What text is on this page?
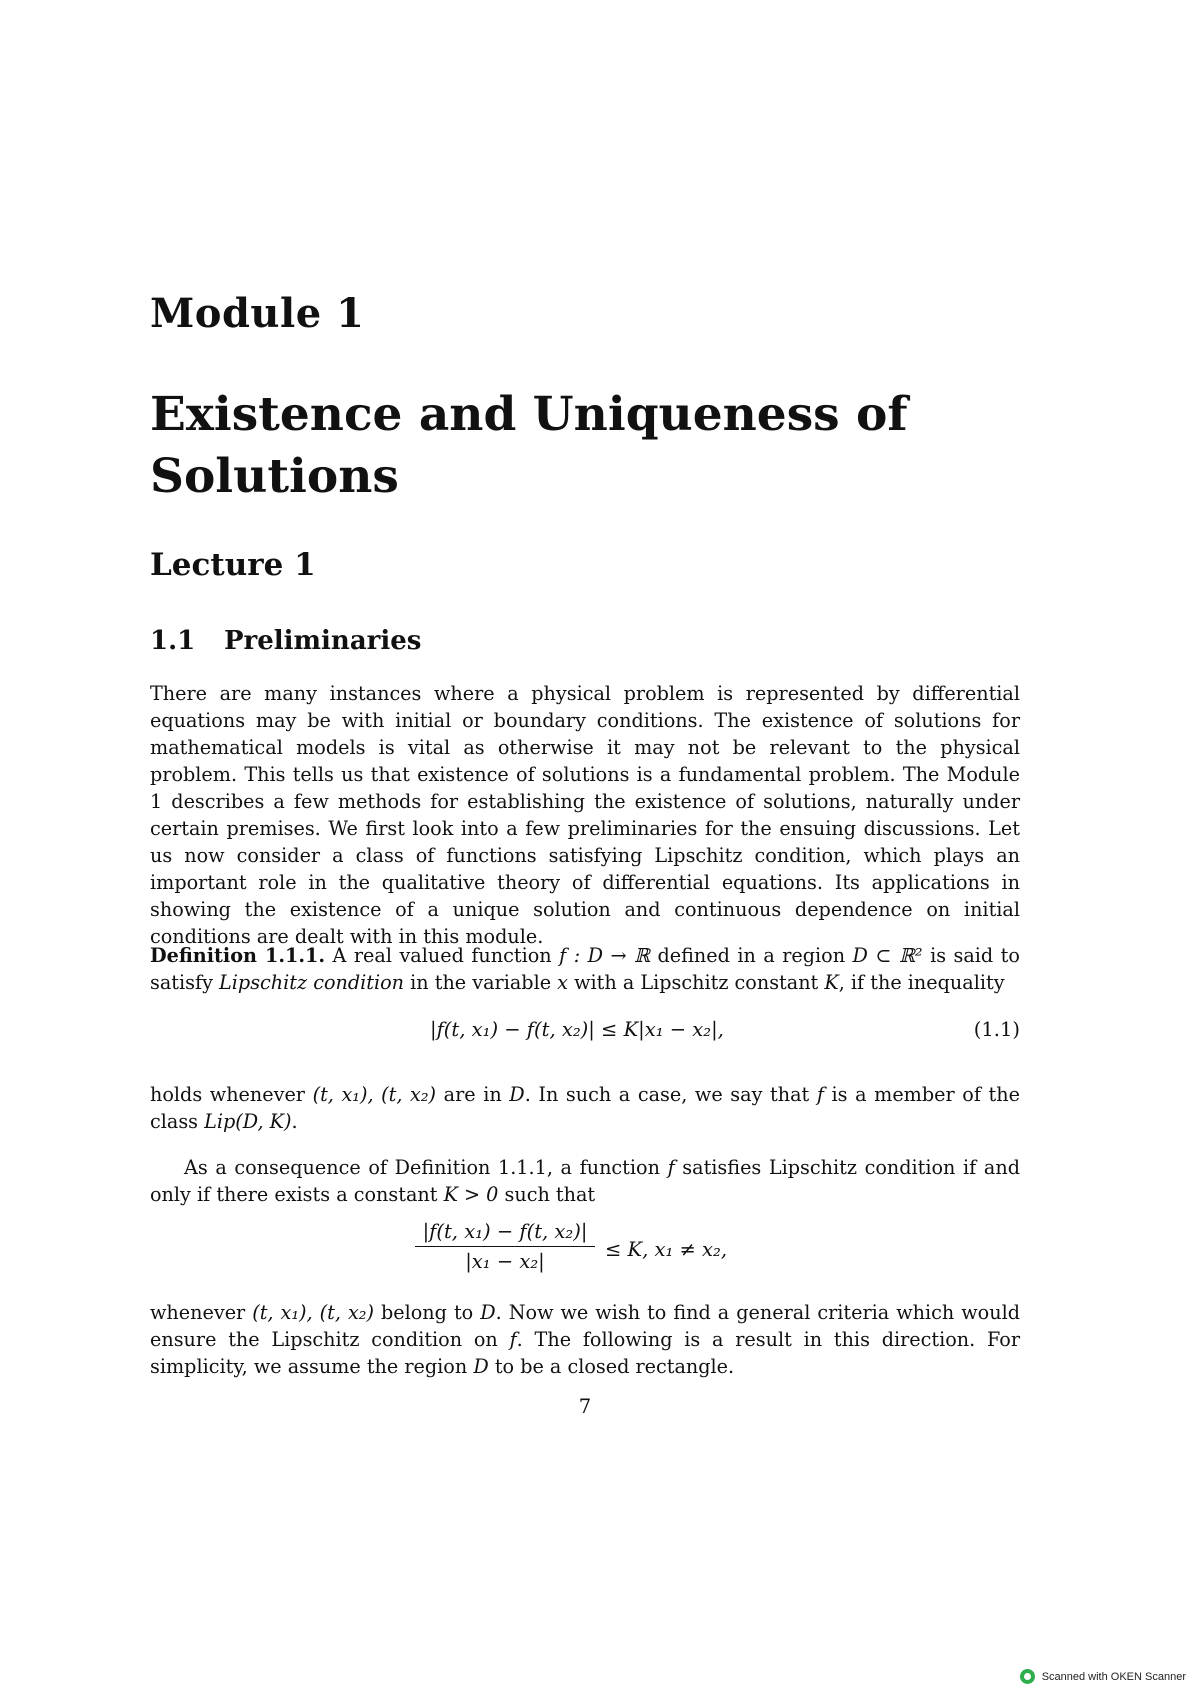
Module 1
Existence and Uniqueness of Solutions
Lecture 1
1.1 Preliminaries
There are many instances where a physical problem is represented by differential equations may be with initial or boundary conditions. The existence of solutions for mathematical models is vital as otherwise it may not be relevant to the physical problem. This tells us that existence of solutions is a fundamental problem. The Module 1 describes a few methods for establishing the existence of solutions, naturally under certain premises. We first look into a few preliminaries for the ensuing discussions. Let us now consider a class of functions satisfying Lipschitz condition, which plays an important role in the qualitative theory of differential equations. Its applications in showing the existence of a unique solution and continuous dependence on initial conditions are dealt with in this module.
Definition 1.1.1. A real valued function f : D → ℝ defined in a region D ⊂ ℝ² is said to satisfy Lipschitz condition in the variable x with a Lipschitz constant K, if the inequality
|f(t, x₁) − f(t, x₂)| ≤ K|x₁ − x₂|,	(1.1)
holds whenever (t, x₁), (t, x₂) are in D. In such a case, we say that f is a member of the class Lip(D, K).
As a consequence of Definition 1.1.1, a function f satisfies Lipschitz condition if and only if there exists a constant K > 0 such that
$\frac{\text{|f(t, x₁) − f(t, x₂)|}}{\text{|x₁ − x₂|}} \le K$, x₁ ≠ x₂,
whenever (t, x₁), (t, x₂) belong to D. Now we wish to find a general criteria which would ensure the Lipschitz condition on f. The following is a result in this direction. For simplicity, we assume the region D to be a closed rectangle.
7
Scanned with OKEN Scanner
